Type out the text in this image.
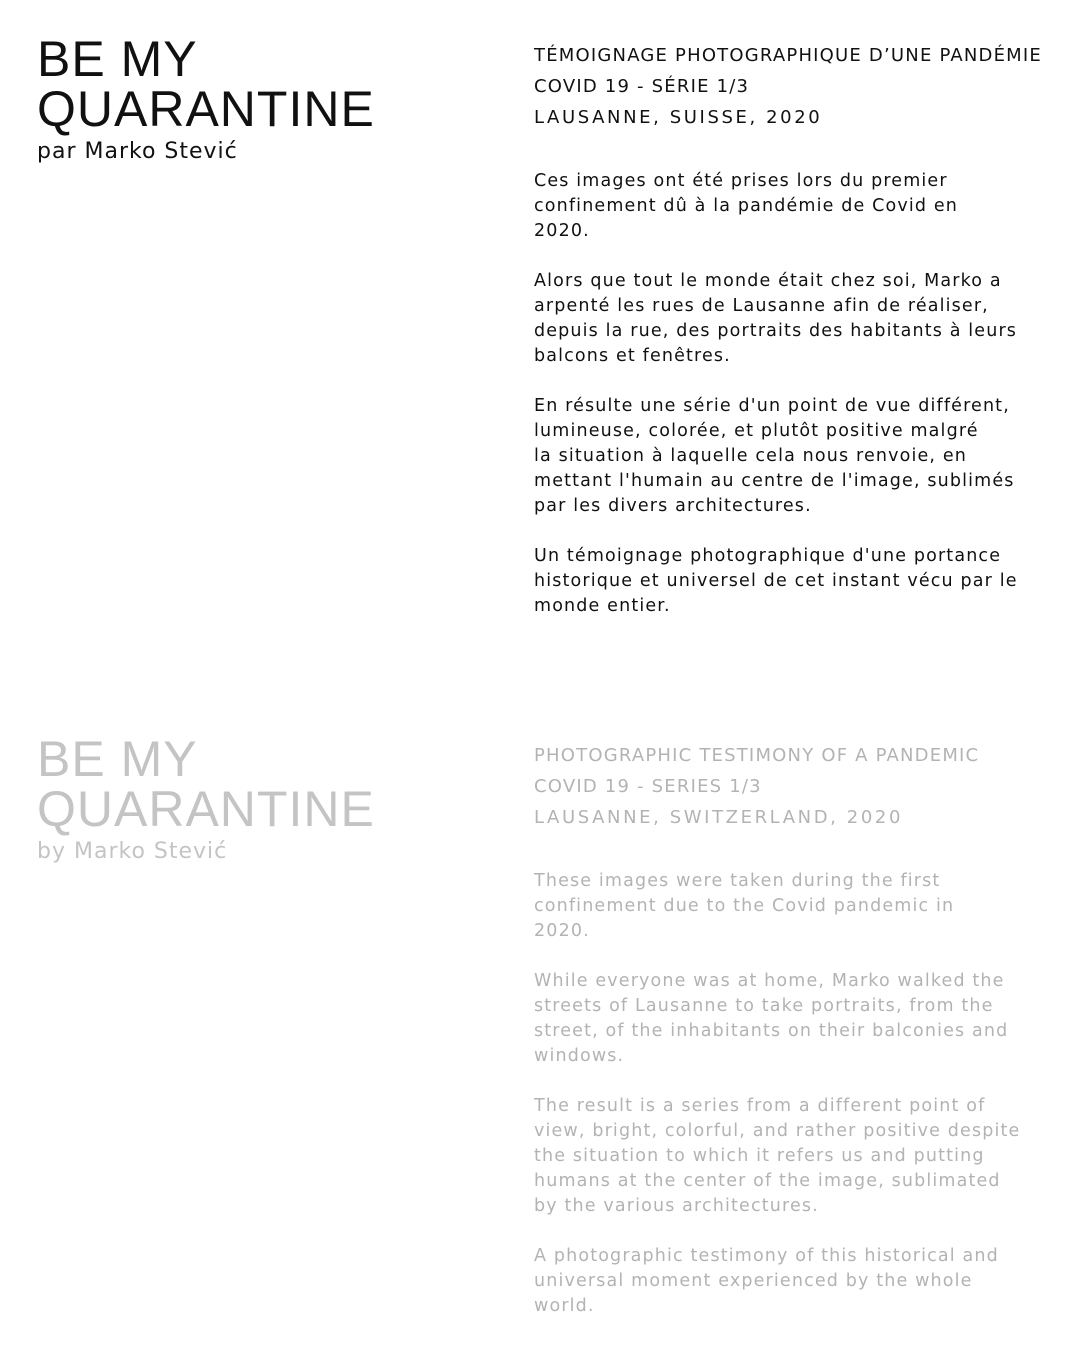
BE MY
QUARANTINE
par Marko Stević
TÉMOIGNAGE PHOTOGRAPHIQUE D’UNE PANDÉMIE
COVID 19 - SÉRIE 1/3
LAUSANNE, SUISSE, 2020

Ces images ont été prises lors du premier
confinement dû à la pandémie de Covid en
2020.

Alors que tout le monde était chez soi, Marko a
arpenté les rues de Lausanne afin de réaliser,
depuis la rue, des portraits des habitants à leurs
balcons et fenêtres.

En résulte une série d'un point de vue différent,
lumineuse, colorée, et plutôt positive malgré
la situation à laquelle cela nous renvoie, en
mettant l'humain au centre de l'image, sublimés
par les divers architectures.

Un témoignage photographique d'une portance
historique et universel de cet instant vécu par le
monde entier.

BE MY
QUARANTINE
by Marko Stević
PHOTOGRAPHIC TESTIMONY OF A PANDEMIC
COVID 19 - SERIES 1/3
LAUSANNE, SWITZERLAND, 2020

These images were taken during the first
confinement due to the Covid pandemic in
2020.

While everyone was at home, Marko walked the
streets of Lausanne to take portraits, from the
street, of the inhabitants on their balconies and
windows.

The result is a series from a different point of
view, bright, colorful, and rather positive despite
the situation to which it refers us and putting
humans at the center of the image, sublimated
by the various architectures.

A photographic testimony of this historical and
universal moment experienced by the whole
world.
